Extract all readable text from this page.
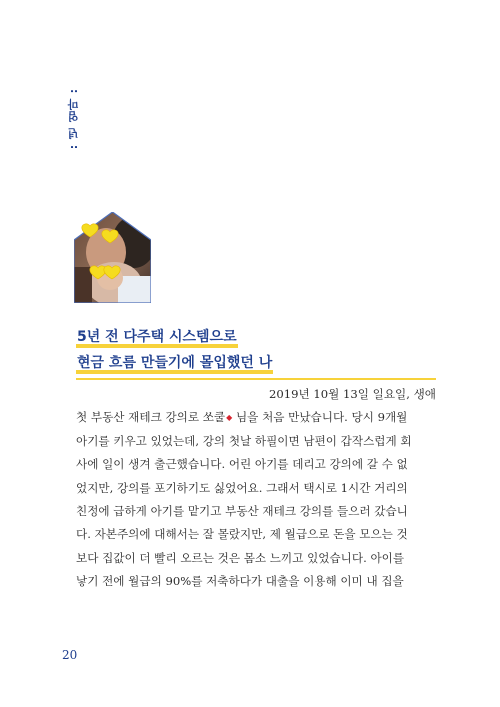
: 년 엄마 :
5년 전 다주택 시스템으로
현금 흐름 만들기에 몰입했던 나
2019년 10월 13일 일요일, 생애
첫 부동산 재테크 강의로 쏘쿨◆ 님을 처음 만났습니다. 당시 9개월
아기를 키우고 있었는데, 강의 첫날 하필이면 남편이 갑작스럽게 회
사에 일이 생겨 출근했습니다. 어린 아기를 데리고 강의에 갈 수 없
었지만, 강의를 포기하기도 싫었어요. 그래서 택시로 1시간 거리의
친정에 급하게 아기를 맡기고 부동산 재테크 강의를 들으러 갔습니
다. 자본주의에 대해서는 잘 몰랐지만, 제 월급으로 돈을 모으는 것
보다 집값이 더 빨리 오르는 것은 몸소 느끼고 있었습니다. 아이를
낳기 전에 월급의 90%를 저축하다가 대출을 이용해 이미 내 집을
20
